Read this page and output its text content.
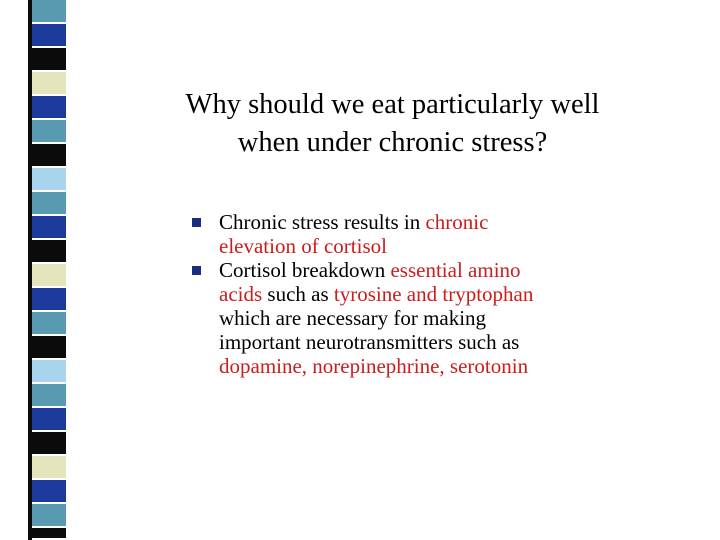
Why should we eat particularly well
when under chronic stress?
Chronic stress results in chronic
elevation of cortisol
Cortisol breakdown essential amino
acids such as tyrosine and tryptophan
which are necessary for making
important neurotransmitters such as
dopamine, norepinephrine, serotonin
